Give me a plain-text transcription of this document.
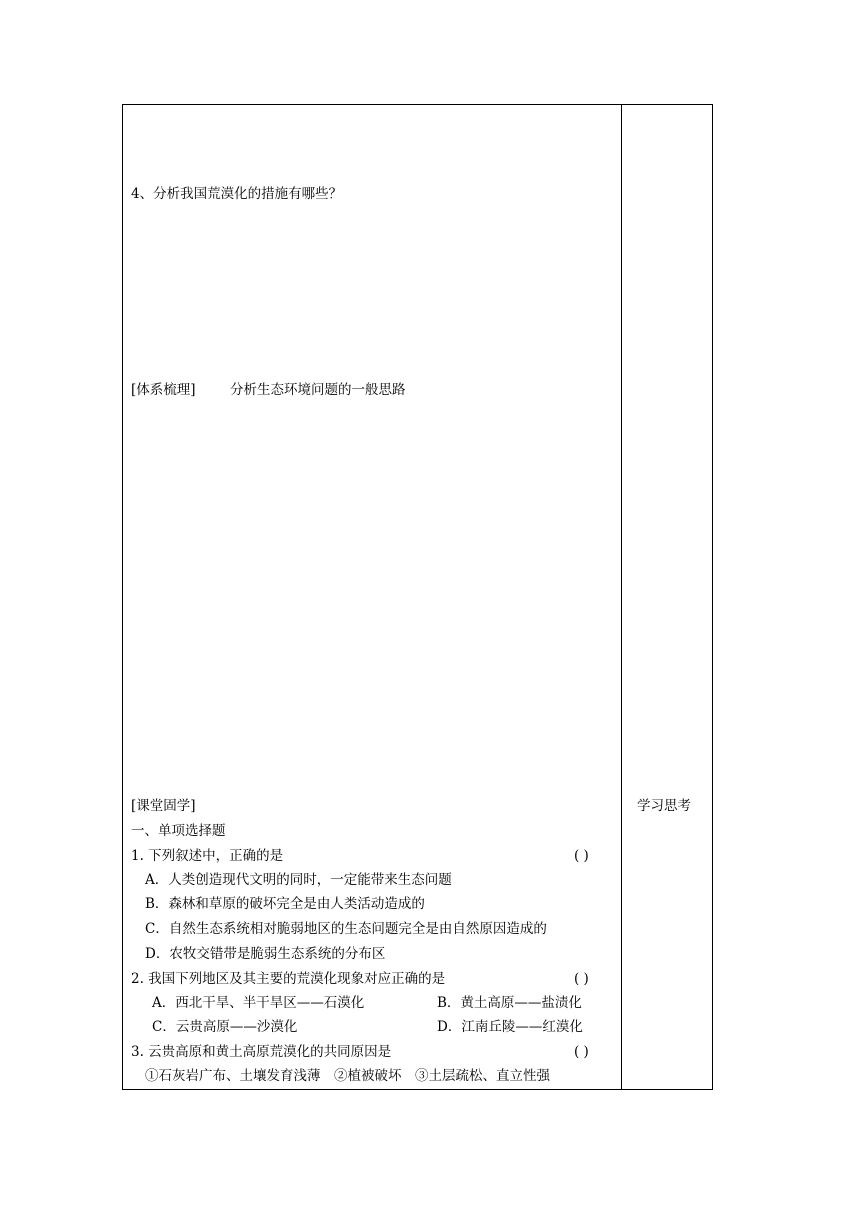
4、分析我国荒漠化的措施有哪些？
[体系梳理]	分析生态环境问题的一般思路
[课堂固学]
一、单项选择题
1. 下列叙述中，正确的是	( )
A．人类创造现代文明的同时，一定能带来生态问题
B．森林和草原的破坏完全是由人类活动造成的
C．自然生态系统相对脆弱地区的生态问题完全是由自然原因造成的
D．农牧交错带是脆弱生态系统的分布区
2. 我国下列地区及其主要的荒漠化现象对应正确的是	( )
A．西北干旱、半干旱区——石漠化	B．黄土高原——盐渍化
C．云贵高原——沙漠化	D．江南丘陵——红漠化
3. 云贵高原和黄土高原荒漠化的共同原因是	( )
①石灰岩广布、土壤发育浅薄　②植被破坏　③土层疏松、直立性强
学习思考
